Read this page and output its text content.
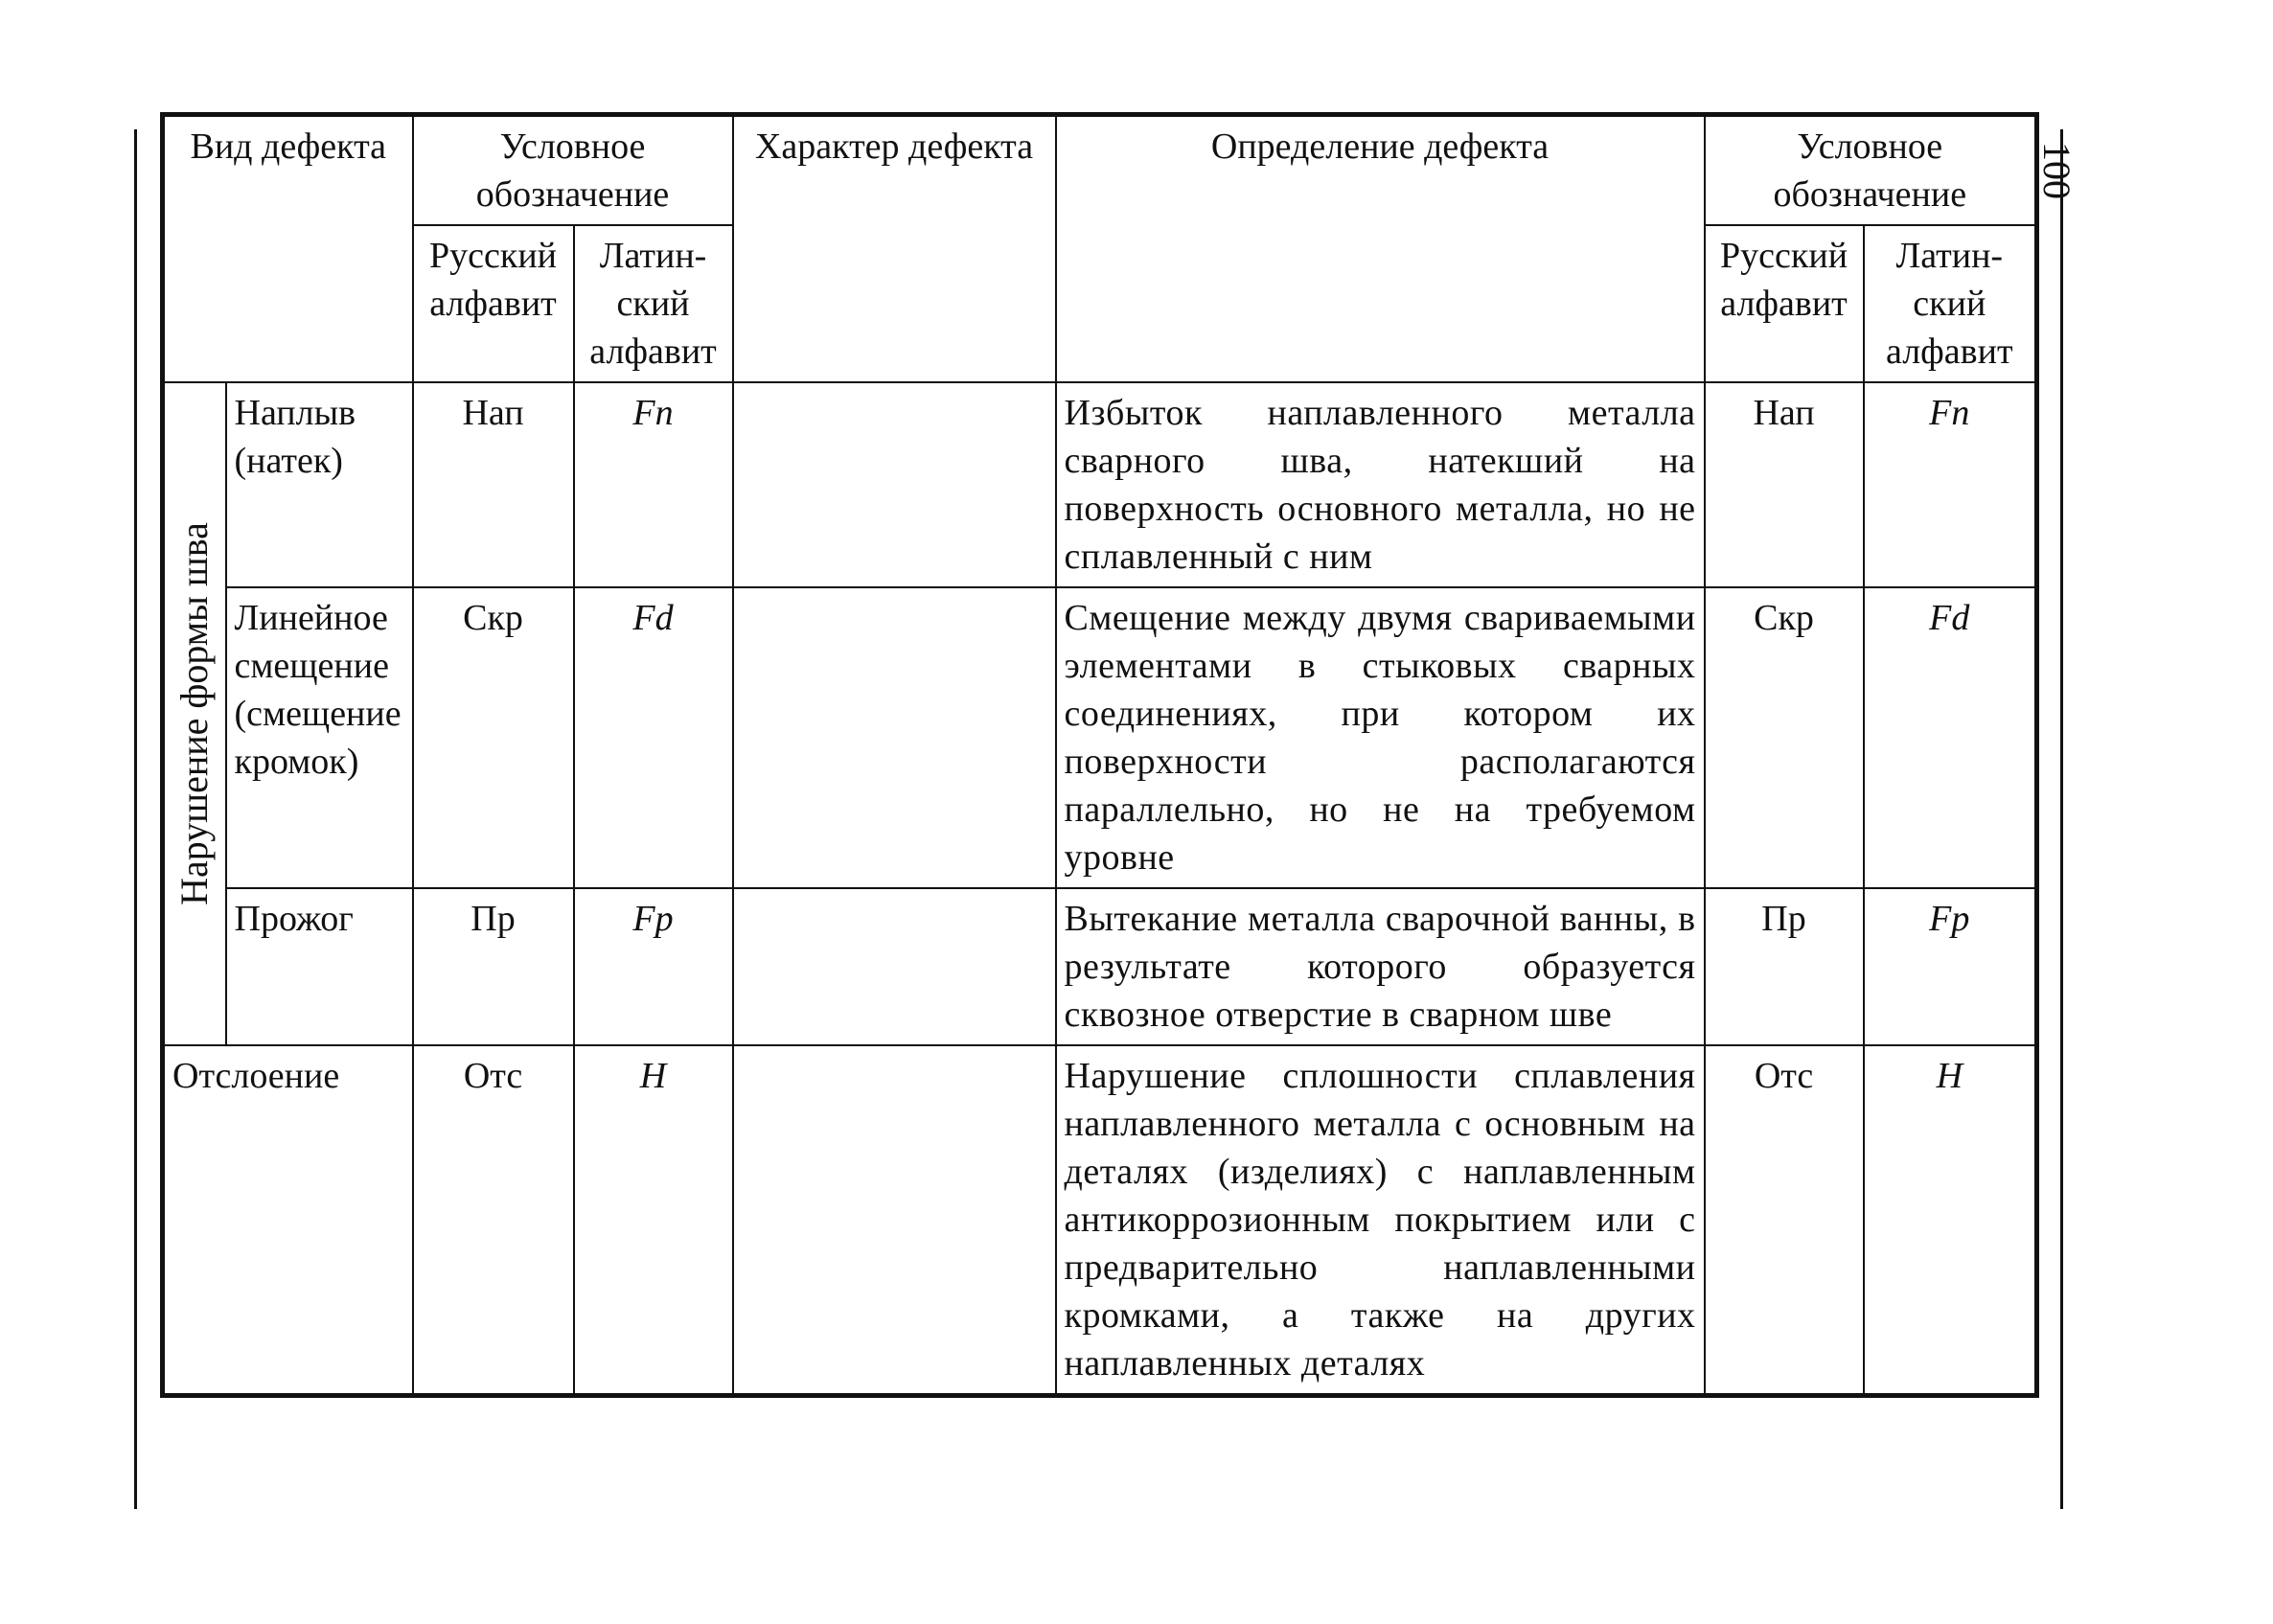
100
Вид дефекта		Условное обозначение		Характер дефекта	Определение дефекта	Условное обозначение	
		Русский алфавит	Латин-ский алфавит			Русский алфавит	Латин-ский алфавит

Нарушение формы шва	Наплыв (натек)	Нап	Fn		Избыток наплавленного металла сварного шва, натекший на поверхность основного металла, но не сплавленный с ним	Нап	Fn
	Линейное смещение (смещение кромок)	Скр	Fd		Смещение между двумя свариваемыми элементами в стыковых сварных соединениях, при котором их поверхности располагаются параллельно, но не на требуемом уровне	Скр	Fd
	Прожог	Пр	Fp		Вытекание металла сварочной ванны, в результате которого образуется сквозное отверстие в сварном шве	Пр	Fp
Отслоение		Отс	H		Нарушение сплошности сплавления наплавленного металла с основным на деталях (изделиях) с наплавленным антикоррозионным покрытием или с предварительно наплавленными кромками, а также на других наплавленных деталях	Отс	H
